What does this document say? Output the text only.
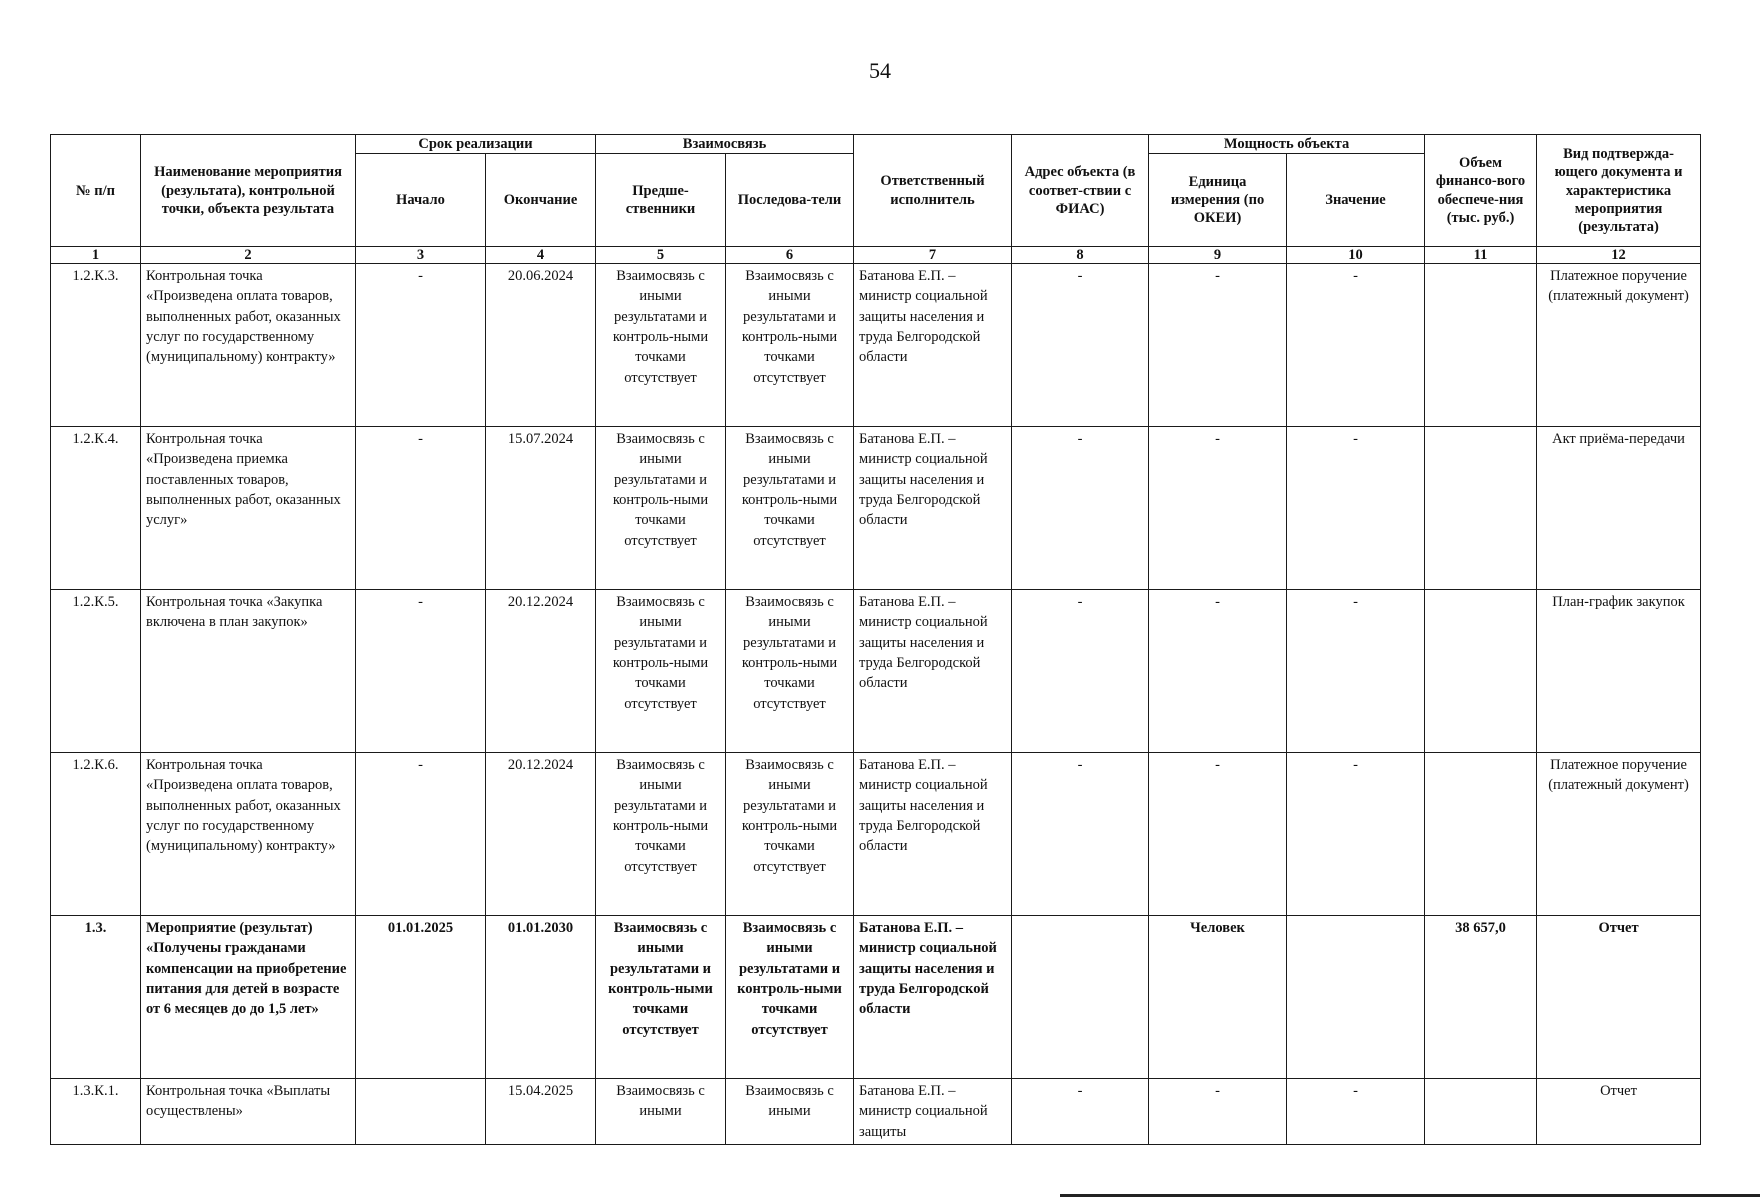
54
№ п/п	Наименование мероприятия (результата), контрольной точки, объекта результата	Срок реализации		Взаимосвязь		Ответственный исполнитель	Адрес объекта (в соответ-ствии с ФИАС)	Мощность объекта		Объем финансо-вого обеспече-ния (тыс. руб.)	Вид подтвержда-ющего документа и характеристика мероприятия (результата)
		Начало	Окончание	Предше-ственники	Последова-тели			Единица измерения (по ОКЕИ)	Значение		
1	2	3	4	5	6	7	8	9	10	11	12
1.2.К.3.	Контрольная точка «Произведена оплата товаров, выполненных работ, оказанных услуг по государственному (муниципальному) контракту»	-	20.06.2024	Взаимосвязь с иными результатами и контроль-ными точками отсутствует	Взаимосвязь с иными результатами и контроль-ными точками отсутствует	Батанова Е.П. – министр социальной защиты населения и труда Белгородской области	-	-	-		Платежное поручение (платежный документ)
1.2.К.4.	Контрольная точка «Произведена приемка поставленных товаров, выполненных работ, оказанных услуг»	-	15.07.2024	Взаимосвязь с иными результатами и контроль-ными точками отсутствует	Взаимосвязь с иными результатами и контроль-ными точками отсутствует	Батанова Е.П. – министр социальной защиты населения и труда Белгородской области	-	-	-		Акт приёма-передачи
1.2.К.5.	Контрольная точка «Закупка включена в план закупок»	-	20.12.2024	Взаимосвязь с иными результатами и контроль-ными точками отсутствует	Взаимосвязь с иными результатами и контроль-ными точками отсутствует	Батанова Е.П. – министр социальной защиты населения и труда Белгородской области	-	-	-		План-график закупок
1.2.К.6.	Контрольная точка «Произведена оплата товаров, выполненных работ, оказанных услуг по государственному (муниципальному) контракту»	-	20.12.2024	Взаимосвязь с иными результатами и контроль-ными точками отсутствует	Взаимосвязь с иными результатами и контроль-ными точками отсутствует	Батанова Е.П. – министр социальной защиты населения и труда Белгородской области	-	-	-		Платежное поручение (платежный документ)
1.3.	Мероприятие (результат) «Получены гражданами компенсации на приобретение питания для детей в возрасте от 6 месяцев до до 1,5 лет»	01.01.2025	01.01.2030	Взаимосвязь с иными результатами и контроль-ными точками отсутствует	Взаимосвязь с иными результатами и контроль-ными точками отсутствует	Батанова Е.П. – министр социальной защиты населения и труда Белгородской области		Человек		38 657,0	Отчет
1.3.К.1.	Контрольная точка «Выплаты осуществлены»		15.04.2025	Взаимосвязь с иными	Взаимосвязь с иными	Батанова Е.П. – министр социальной защиты	-	-	-		Отчет
